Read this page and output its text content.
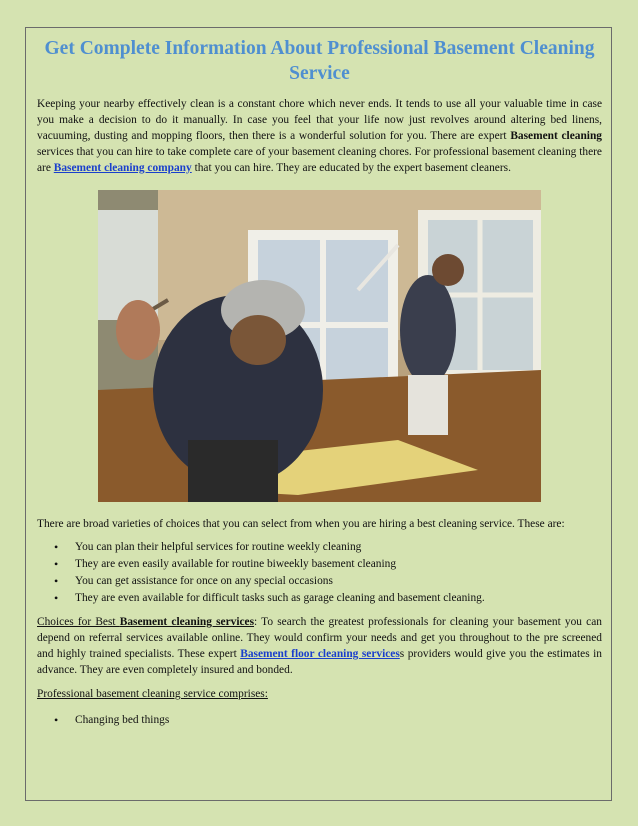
Get Complete Information About Professional Basement Cleaning Service

Keeping your nearby effectively clean is a constant chore which never ends. It tends to use all your valuable time in case you make a decision to do it manually. In case you feel that your life now just revolves around altering bed linens, vacuuming, dusting and mopping floors, then there is a wonderful solution for you. There are expert Basement cleaning services that you can hire to take complete care of your basement cleaning chores. For professional basement cleaning there are Basement cleaning company that you can hire. They are educated by the expert basement cleaners.

There are broad varieties of choices that you can select from when you are hiring a best cleaning service. These are:

• You can plan their helpful services for routine weekly cleaning
• They are even easily available for routine biweekly basement cleaning
• You can get assistance for once on any special occasions
• They are even available for difficult tasks such as garage cleaning and basement cleaning.

Choices for Best Basement cleaning services: To search the greatest professionals for cleaning your basement you can depend on referral services available online. They would confirm your needs and get you throughout to the pre screened and highly trained specialists. These expert Basement floor cleaning servicess providers would give you the estimates in advance. They are even completely insured and bonded.

Professional basement cleaning service comprises:

• Changing bed things
